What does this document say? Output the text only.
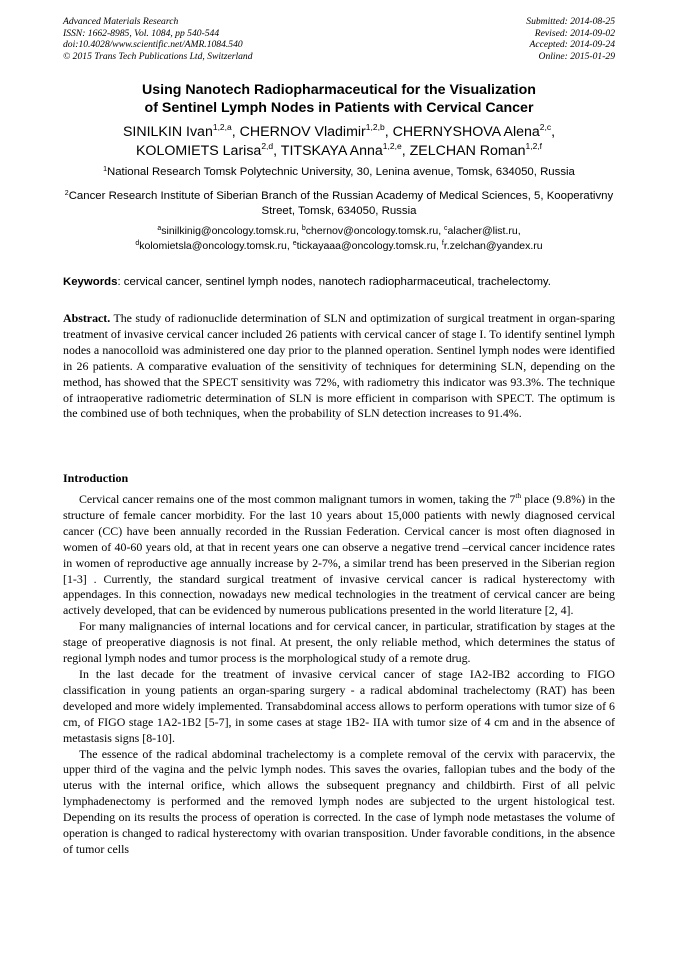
Advanced Materials Research
ISSN: 1662-8985, Vol. 1084, pp 540-544
doi:10.4028/www.scientific.net/AMR.1084.540
© 2015 Trans Tech Publications Ltd, Switzerland
Submitted: 2014-08-25
Revised: 2014-09-02
Accepted: 2014-09-24
Online: 2015-01-29
Using Nanotech Radiopharmaceutical for the Visualization
of Sentinel Lymph Nodes in Patients with Cervical Cancer
SINILKIN Ivan$^{1,2,a}$, CHERNOV Vladimir$^{1,2,b}$, CHERNYSHOVA Alena$^{2,c}$,
KOLOMIETS Larisa$^{2,d}$, TITSKAYA Anna$^{1,2,e}$, ZELCHAN Roman$^{1,2,f}$
$^1$National Research Tomsk Polytechnic University, 30, Lenina avenue, Tomsk, 634050, Russia
$^2$Cancer Research Institute of Siberian Branch of the Russian Academy of Medical Sciences, 5, Kooperativny Street, Tomsk, 634050, Russia
$^a$sinilkinig@oncology.tomsk.ru, $^b$chernov@oncology.tomsk.ru, $^c$alacher@list.ru,
$^d$kolomietsla@oncology.tomsk.ru, $^e$tickayaaa@oncology.tomsk.ru, $^f$r.zelchan@yandex.ru
Keywords: cervical cancer, sentinel lymph nodes, nanotech radiopharmaceutical, trachelectomy.
Abstract. The study of radionuclide determination of SLN and optimization of surgical treatment in organ-sparing treatment of invasive cervical cancer included 26 patients with cervical cancer of stage I. To identify sentinel lymph nodes a nanocolloid was administered one day prior to the planned operation. Sentinel lymph nodes were identified in 26 patients. A comparative evaluation of the sensitivity of techniques for determining SLN, depending on the method, has showed that the SPECT sensitivity was 72%, with radiometry this indicator was 93.3%. The technique of intraoperative radiometric determination of SLN is more efficient in comparison with SPECT. The optimum is the combined use of both techniques, when the probability of SLN detection increases to 91.4%.
Introduction

Cervical cancer remains one of the most common malignant tumors in women, taking the 7th place (9.8%) in the structure of female cancer morbidity. For the last 10 years about 15,000 patients with newly diagnosed cervical cancer (CC) have been annually recorded in the Russian Federation. Cervical cancer is most often diagnosed in women of 40-60 years old, at that in recent years one can observe a negative trend –cervical cancer incidence rates in women of reproductive age annually increase by 2-7%, a similar trend has been preserved in the Siberian region [1-3] . Currently, the standard surgical treatment of invasive cervical cancer is radical hysterectomy with appendages. In this connection, nowadays new medical technologies in the treatment of cervical cancer are being actively developed, that can be evidenced by numerous publications presented in the world literature [2, 4].

For many malignancies of internal locations and for cervical cancer, in particular, stratification by stages at the stage of preoperative diagnosis is not final. At present, the only reliable method, which determines the status of regional lymph nodes and tumor process is the morphological study of a remote drug.

In the last decade for the treatment of invasive cervical cancer of stage IA2-IB2 according to FIGO classification in young patients an organ-sparing surgery - a radical abdominal trachelectomy (RAT) has been developed and more widely implemented. Transabdominal access allows to perform operations with tumor size of 6 cm, of FIGO stage 1A2-1B2 [5-7], in some cases at stage 1B2- IIA with tumor size of 4 cm and in the absence of metastasis signs [8-10].

The essence of the radical abdominal trachelectomy is a complete removal of the cervix with paracervix, the upper third of the vagina and the pelvic lymph nodes. This saves the ovaries, fallopian tubes and the body of the uterus with the internal orifice, which allows the subsequent pregnancy and childbirth. First of all pelvic lymphadenectomy is performed and the removed lymph nodes are subjected to the urgent histological test. Depending on its results the process of operation is corrected. In the case of lymph node metastases the volume of operation is changed to radical hysterectomy with ovarian transposition. Under favorable conditions, in the absence of tumor cells
